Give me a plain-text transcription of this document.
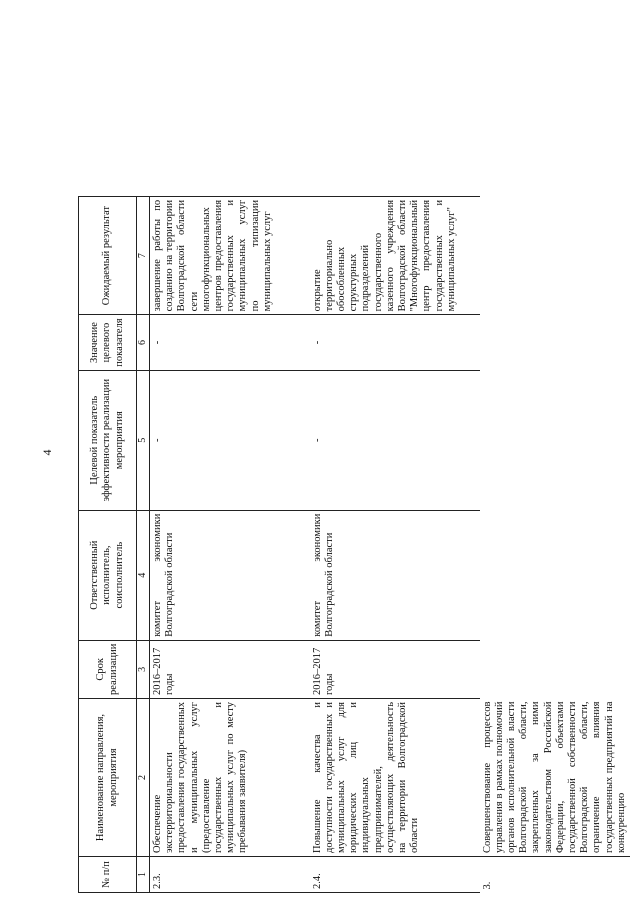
4
№ п/п	Наименование направления, мероприятия	Срок реализации	Ответственный исполнитель, соисполнитель	Целевой показатель эффективности реализации мероприятия	Значение целевого показателя	Ожидаемый результат
1	2	3	4	5	6	7
2.3.	Обеспечение экстерриториальности предоставления государственных и муниципальных услуг (предоставление государственных и муниципальных услуг по месту пребывания заявителя)	2016–2017 годы	комитет экономики Волгоградской области	-	-	завершение работы по созданию на территории Волгоградской области сети многофункциональных центров предоставления государственных и муниципальных услуг по типизации муниципальных услуг
2.4.	Повышение качества и доступности государственных и муниципальных услуг для юридических лиц и индивидуальных предпринимателей, осуществляющих деятельность на территории Волгоградской области	2016–2017 годы	комитет экономики Волгоградской области	-	-	открытие территориально обособленных структурных подразделений государственного казенного учреждения Волгоградской области "Многофункциональный центр предоставления государственных и муниципальных услуг"
3.	Совершенствование процессов управления в рамках полномочий органов исполнительной власти Волгоградской области, закрепленных за ними законодательством Российской Федерации, объектами государственной собственности Волгоградской области, ограничение влияния государственных предприятий на конкуренцию					
